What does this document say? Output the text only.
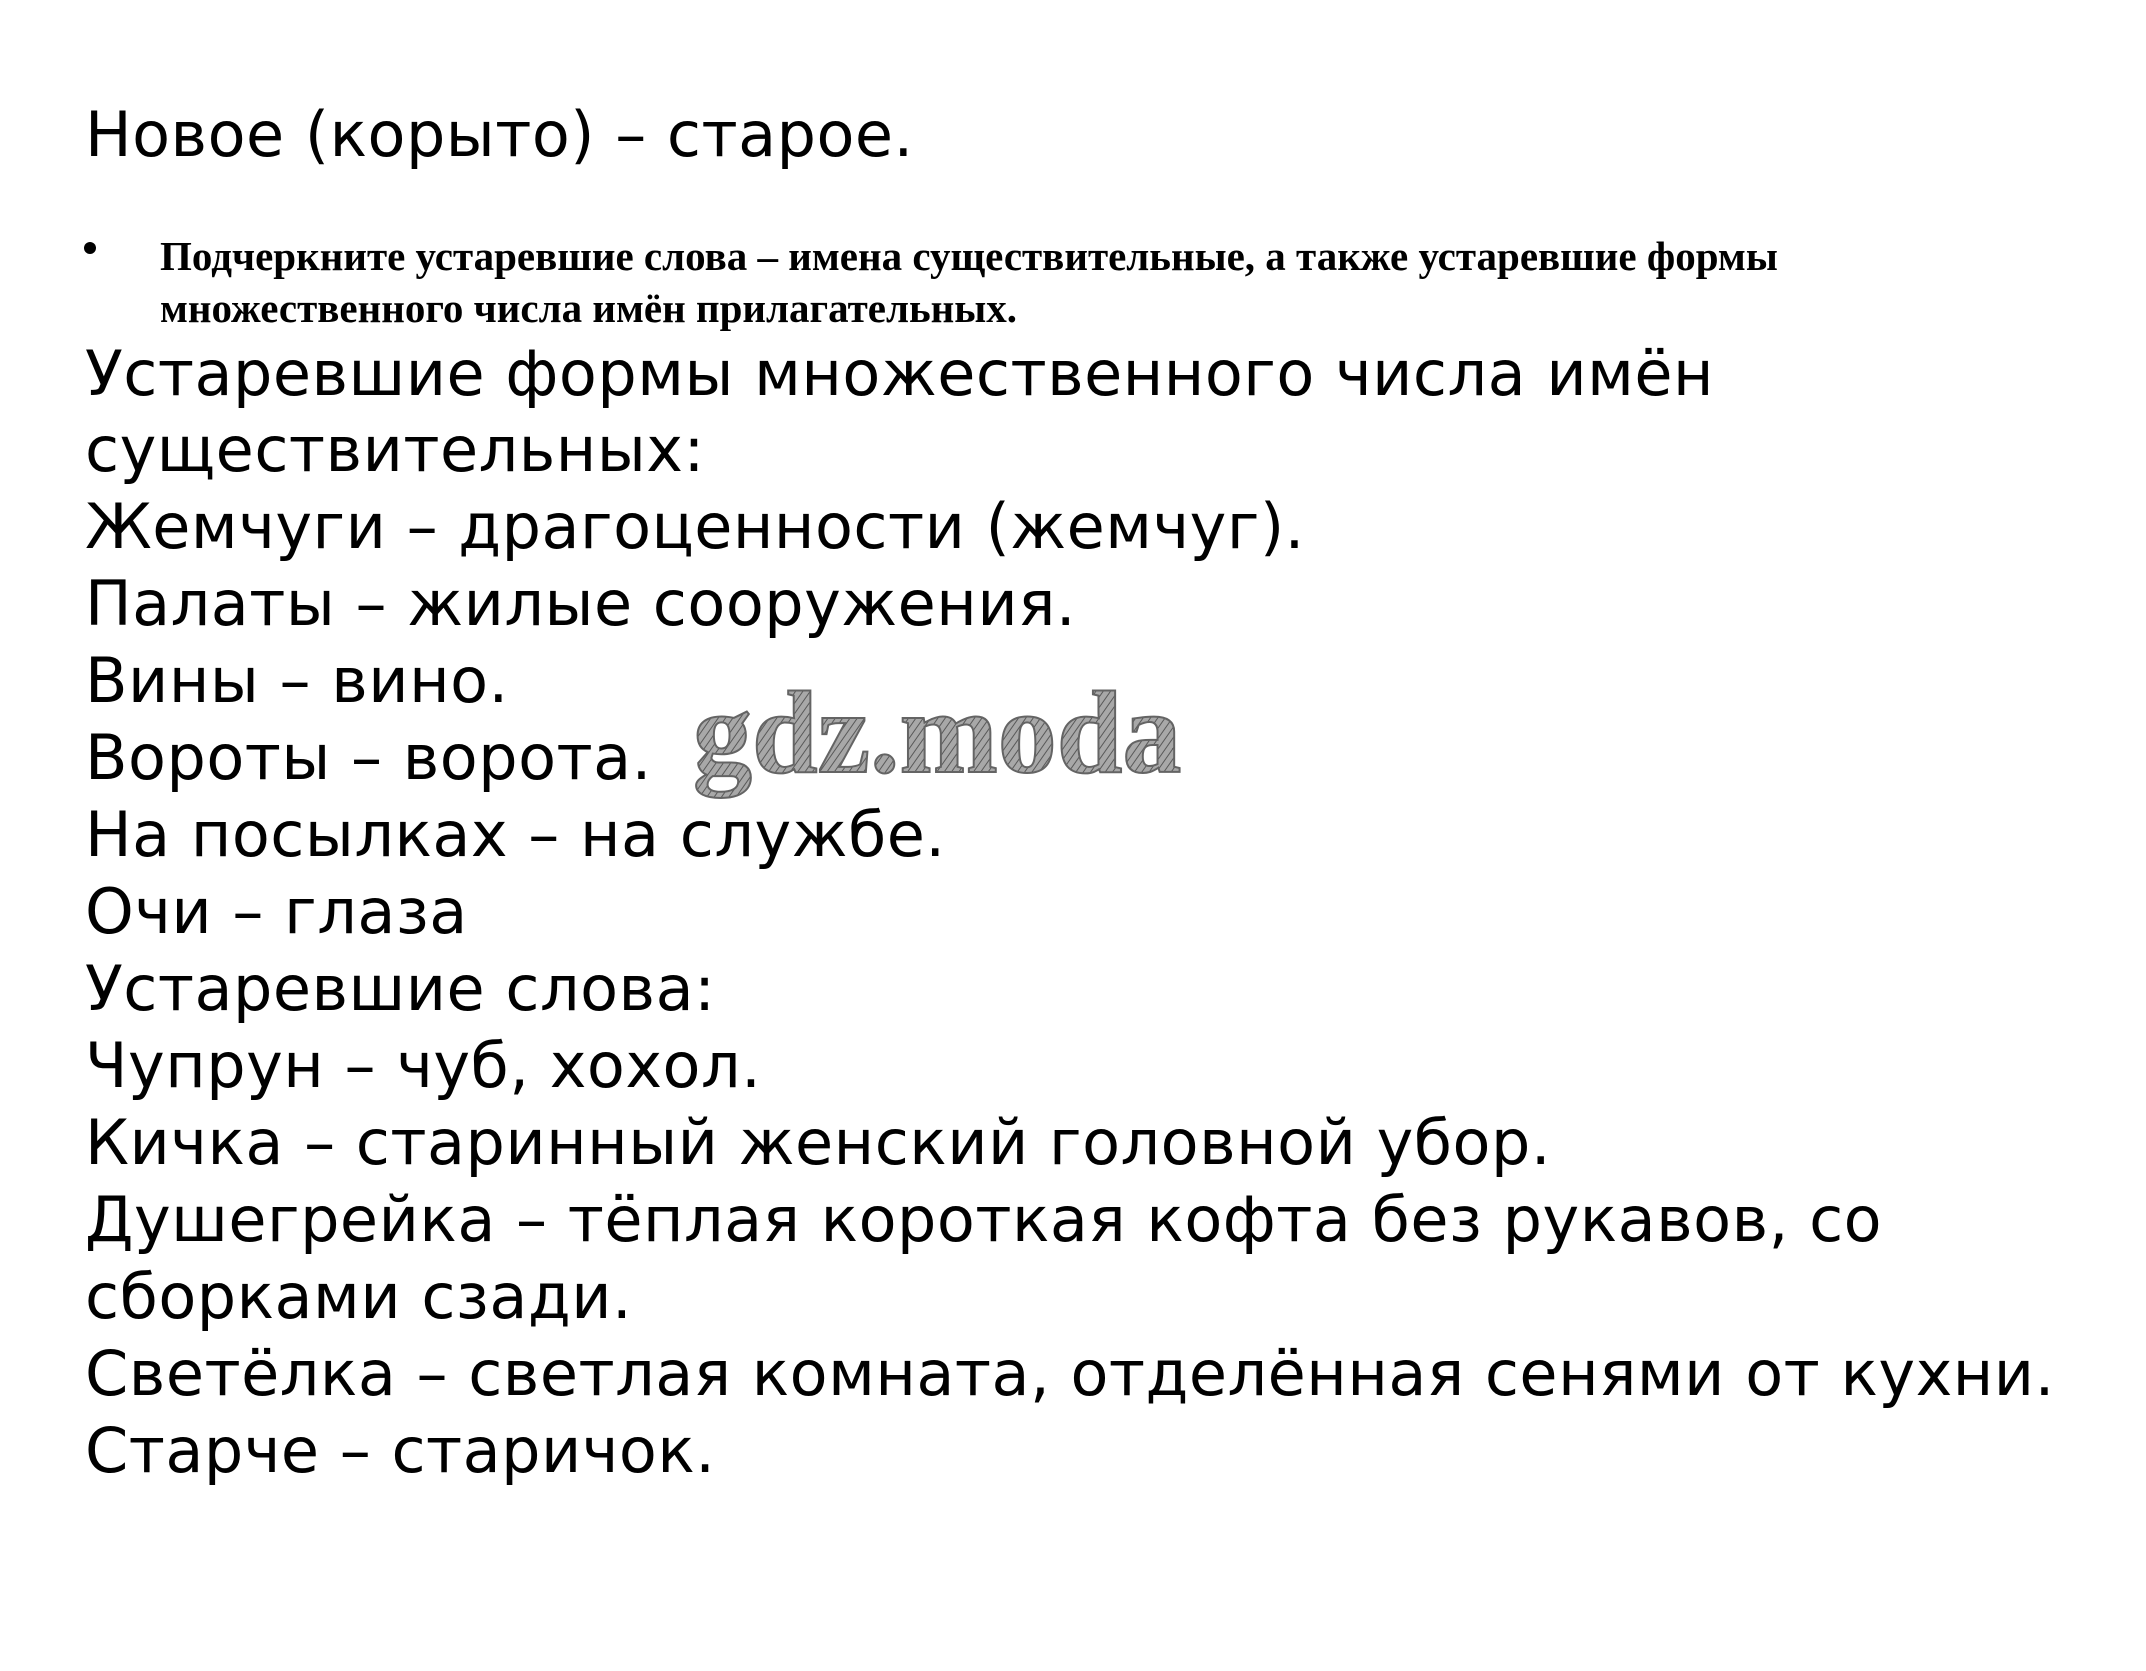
Новое (корыто) – старое.
Подчеркните устаревшие слова – имена существительные, а также устаревшие формы множественного числа имён прилагательных.
Устаревшие формы множественного числа имён
существительных:
Жемчуги – драгоценности (жемчуг).
Палаты – жилые сооружения.
Вины – вино.
Вороты – ворота.
На посылках – на службе.
Очи – глаза
Устаревшие слова:
Чупрун – чуб, хохол.
Кичка – старинный женский головной убор.
Душегрейка – тёплая короткая кофта без рукавов, со
сборками сзади.
Светёлка – светлая комната, отделённая сенями от кухни.
Старче – старичок.
gdz.moda
